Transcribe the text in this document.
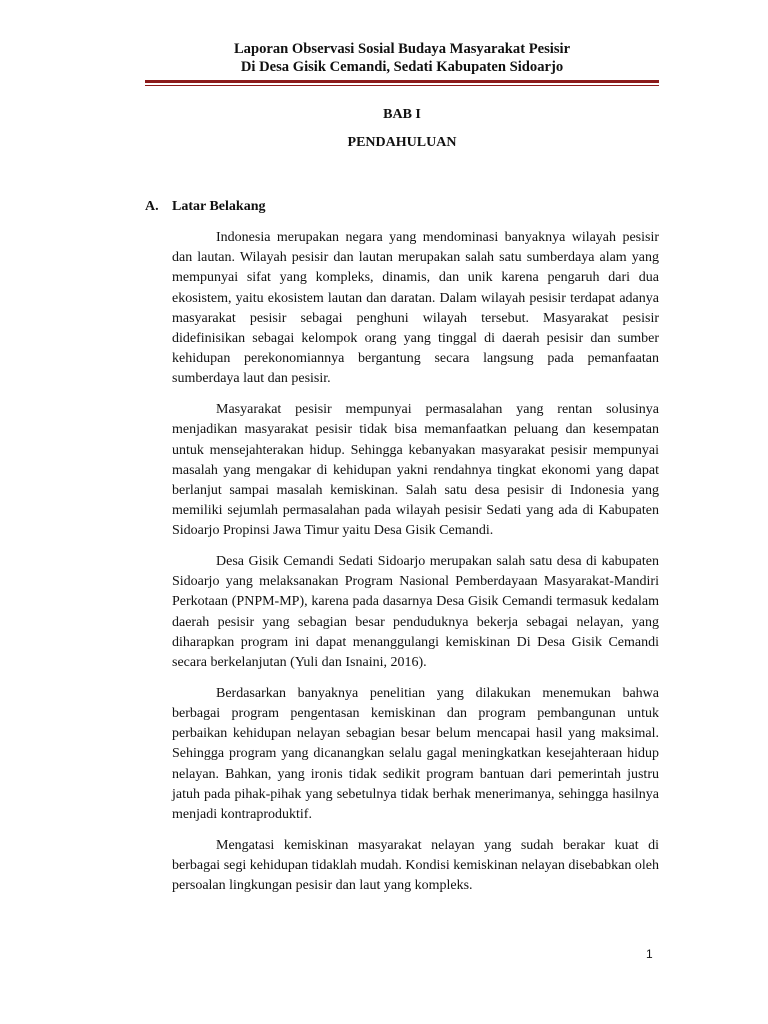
Laporan Observasi Sosial Budaya Masyarakat Pesisir
Di Desa Gisik Cemandi, Sedati Kabupaten Sidoarjo
BAB I
PENDAHULUAN
A. Latar Belakang

Indonesia merupakan negara yang mendominasi banyaknya wilayah pesisir dan lautan. Wilayah pesisir dan lautan merupakan salah satu sumberdaya alam yang mempunyai sifat yang kompleks, dinamis, dan unik karena pengaruh dari dua ekosistem, yaitu ekosistem lautan dan daratan. Dalam wilayah pesisir terdapat adanya masyarakat pesisir sebagai penghuni wilayah tersebut. Masyarakat pesisir didefinisikan sebagai kelompok orang yang tinggal di daerah pesisir dan sumber kehidupan perekonomiannya bergantung secara langsung pada pemanfaatan sumberdaya laut dan pesisir.

Masyarakat pesisir mempunyai permasalahan yang rentan solusinya menjadikan masyarakat pesisir tidak bisa memanfaatkan peluang dan kesempatan untuk mensejahterakan hidup. Sehingga kebanyakan masyarakat pesisir mempunyai masalah yang mengakar di kehidupan yakni rendahnya tingkat ekonomi yang dapat berlanjut sampai masalah kemiskinan. Salah satu desa pesisir di Indonesia yang memiliki sejumlah permasalahan pada wilayah pesisir Sedati yang ada di Kabupaten Sidoarjo Propinsi Jawa Timur yaitu Desa Gisik Cemandi.

Desa Gisik Cemandi Sedati Sidoarjo merupakan salah satu desa di kabupaten Sidoarjo yang melaksanakan Program Nasional Pemberdayaan Masyarakat-Mandiri Perkotaan (PNPM-MP), karena pada dasarnya Desa Gisik Cemandi termasuk kedalam daerah pesisir yang sebagian besar penduduknya bekerja sebagai nelayan, yang diharapkan program ini dapat menanggulangi kemiskinan Di Desa Gisik Cemandi secara berkelanjutan (Yuli dan Isnaini, 2016).

Berdasarkan banyaknya penelitian yang dilakukan menemukan bahwa berbagai program pengentasan kemiskinan dan program pembangunan untuk perbaikan kehidupan nelayan sebagian besar belum mencapai hasil yang maksimal. Sehingga program yang dicanangkan selalu gagal meningkatkan kesejahteraan hidup nelayan. Bahkan, yang ironis tidak sedikit program bantuan dari pemerintah justru jatuh pada pihak-pihak yang sebetulnya tidak berhak menerimanya, sehingga hasilnya menjadi kontraproduktif.

Mengatasi kemiskinan masyarakat nelayan yang sudah berakar kuat di berbagai segi kehidupan tidaklah mudah. Kondisi kemiskinan nelayan disebabkan oleh persoalan lingkungan pesisir dan laut yang kompleks.

1
